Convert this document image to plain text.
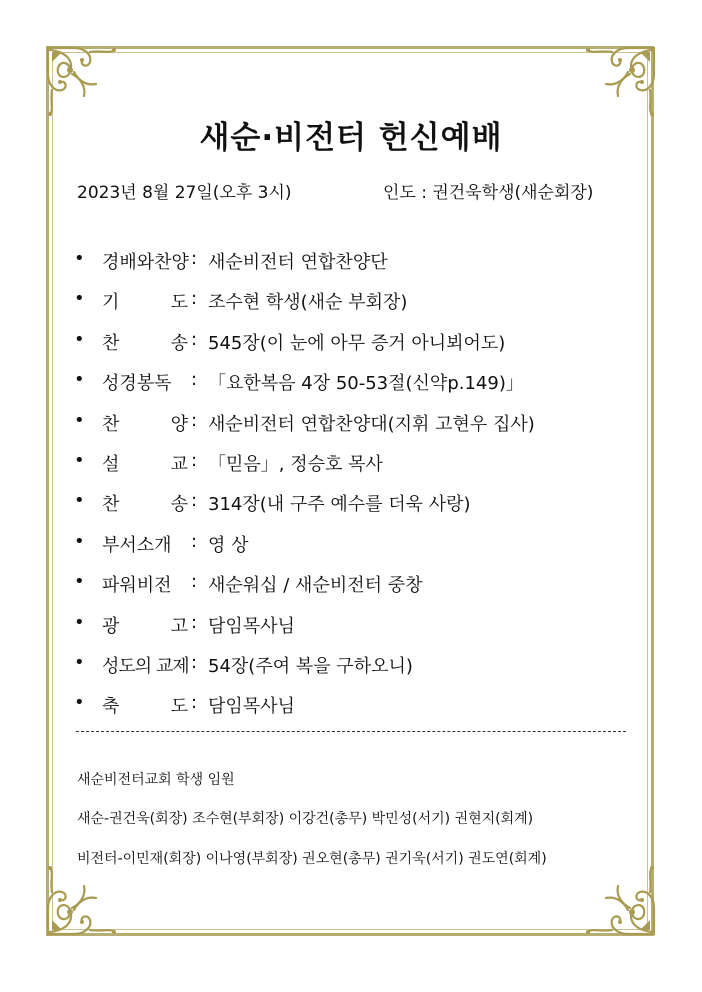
새순·비전터 헌신예배
2023년 8월 27일(오후 3시)	인도 : 권건욱학생(새순회장)
• 경배와찬양 : 새순비전터 연합찬양단
• 기	도 : 조수현 학생(새순 부회장)
• 찬	송 : 545장(이 눈에 아무 증거 아니뵈어도)
• 성경봉독	: 「요한복음 4장 50-53절(신약p.149)」
• 찬	양 : 새순비전터 연합찬양대(지휘 고현우 집사)
• 설	교 : 「믿음」, 정승호 목사
• 찬	송 : 314장(내 구주 예수를 더욱 사랑)
• 부서소개	: 영 상
• 파워비전	: 새순워십 / 새순비전터 중창
• 광	고 : 담임목사님
• 성도의 교제 : 54장(주여 복을 구하오니)
• 축	도 : 담임목사님
새순비전터교회 학생 임원
새순-권건욱(회장) 조수현(부회장) 이강건(총무) 박민성(서기) 권현지(회계)
비전터-이민재(회장) 이나영(부회장) 권오현(총무) 권기욱(서기) 권도연(회계)
